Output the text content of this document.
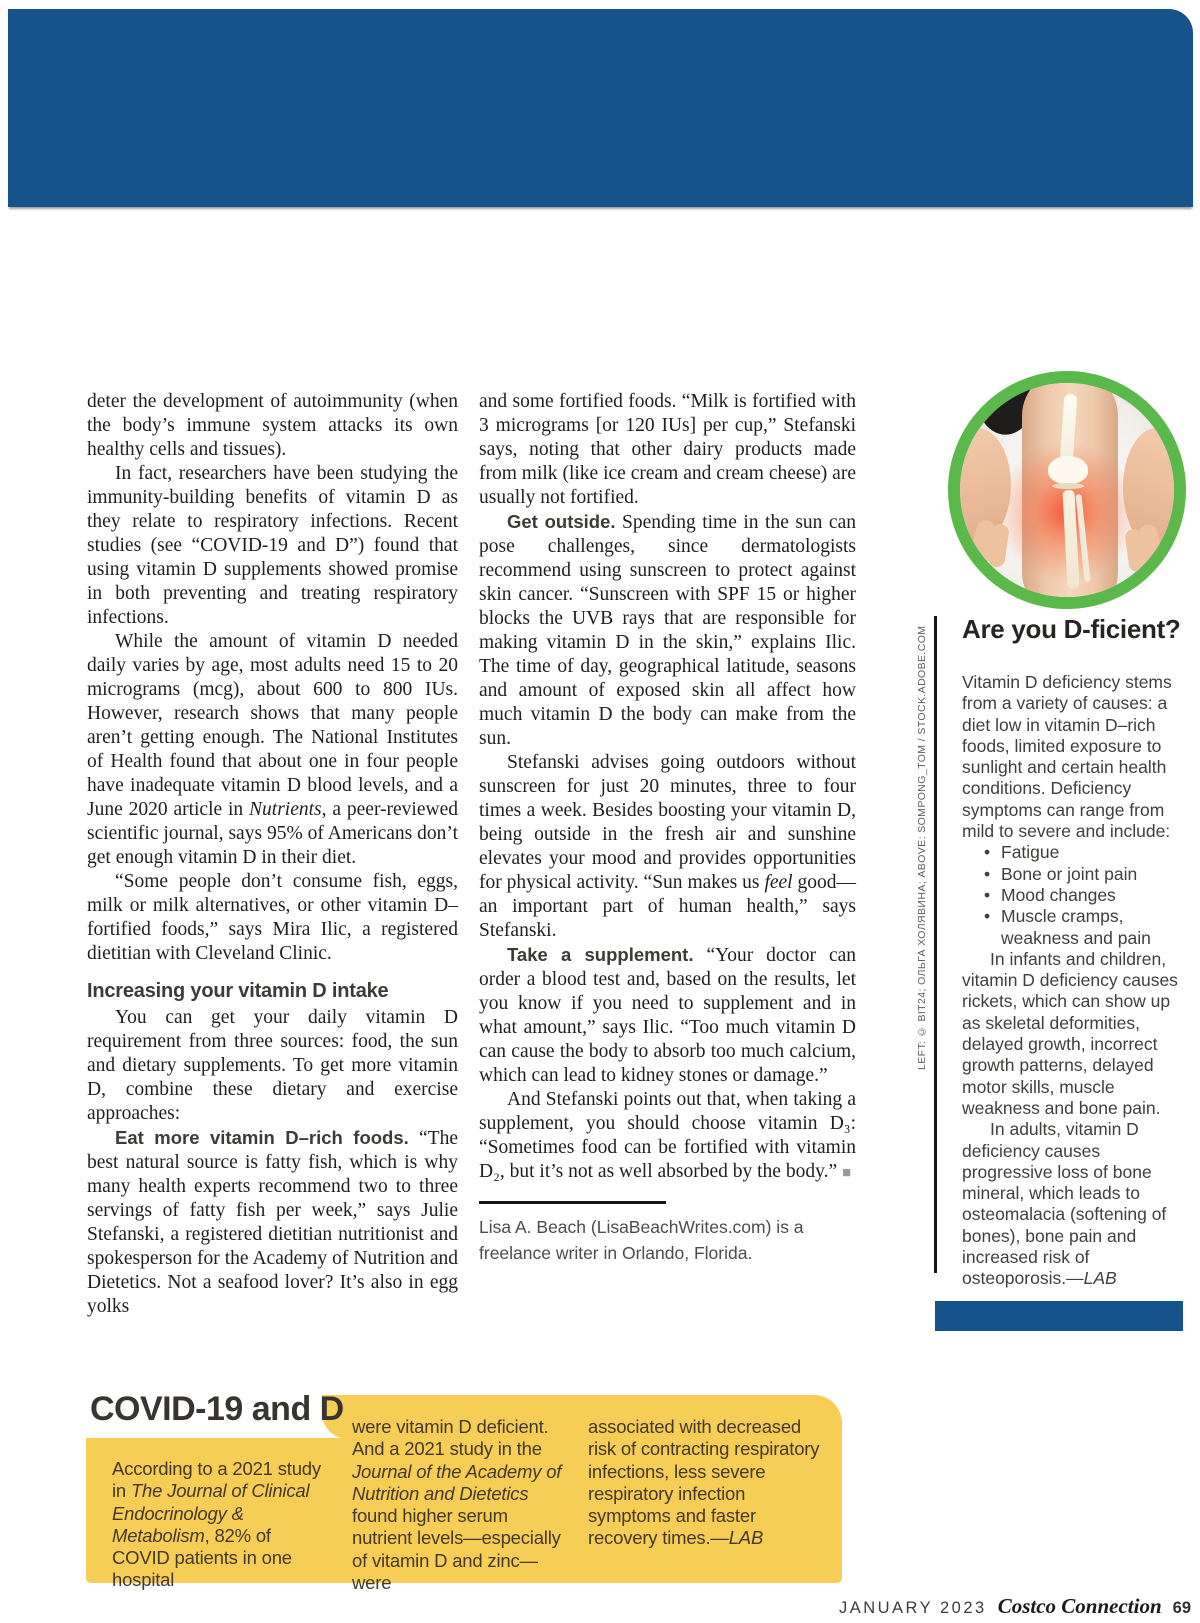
deter the development of autoimmunity (when the body’s immune system attacks its own healthy cells and tissues).

In fact, researchers have been studying the immunity-building benefits of vitamin D as they relate to respiratory infections. Recent studies (see “COVID-19 and D”) found that using vitamin D supplements showed promise in both preventing and treating respiratory infections.

While the amount of vitamin D needed daily varies by age, most adults need 15 to 20 micrograms (mcg), about 600 to 800 IUs. However, research shows that many people aren’t getting enough. The National Institutes of Health found that about one in four people have inadequate vitamin D blood levels, and a June 2020 article in Nutrients, a peer-reviewed scientific journal, says 95% of Americans don’t get enough vitamin D in their diet.

“Some people don’t consume fish, eggs, milk or milk alternatives, or other vitamin D–fortified foods,” says Mira Ilic, a registered dietitian with Cleveland Clinic.

Increasing your vitamin D intake

You can get your daily vitamin D requirement from three sources: food, the sun and dietary supplements. To get more vitamin D, combine these dietary and exercise approaches:

Eat more vitamin D–rich foods. “The best natural source is fatty fish, which is why many health experts recommend two to three servings of fatty fish per week,” says Julie Stefanski, a registered dietitian nutritionist and spokesperson for the Academy of Nutrition and Dietetics. Not a seafood lover? It’s also in egg yolks

and some fortified foods. “Milk is fortified with 3 micrograms [or 120 IUs] per cup,” Stefanski says, noting that other dairy products made from milk (like ice cream and cream cheese) are usually not fortified.

Get outside. Spending time in the sun can pose challenges, since dermatologists recommend using sunscreen to protect against skin cancer. “Sunscreen with SPF 15 or higher blocks the UVB rays that are responsible for making vitamin D in the skin,” explains Ilic. The time of day, geographical latitude, seasons and amount of exposed skin all affect how much vitamin D the body can make from the sun.

Stefanski advises going outdoors without sunscreen for just 20 minutes, three to four times a week. Besides boosting your vitamin D, being outside in the fresh air and sunshine elevates your mood and provides opportunities for physical activity. “Sun makes us feel good—an important part of human health,” says Stefanski.

Take a supplement. “Your doctor can order a blood test and, based on the results, let you know if you need to supplement and in what amount,” says Ilic. “Too much vitamin D can cause the body to absorb too much calcium, which can lead to kidney stones or damage.”

And Stefanski points out that, when taking a supplement, you should choose vitamin D₃: “Sometimes food can be fortified with vitamin D₂, but it’s not as well absorbed by the body.” ■

Lisa A. Beach (LisaBeachWrites.com) is a freelance writer in Orlando, Florida.

LEFT: © BIT24; ОЛЬГА ХОЛЯВИНА; ABOVE: SOMPONG_TOM / STOCK.ADOBE.COM Are you D-ficient?

Vitamin D deficiency stems from a variety of causes: a diet low in vitamin D–rich foods, limited exposure to sunlight and certain health conditions. Deficiency symptoms can range from mild to severe and include:

• Fatigue
• Bone or joint pain
• Mood changes
• Muscle cramps, weakness and pain

In infants and children, vitamin D deficiency causes rickets, which can show up as skeletal deformities, delayed growth, incorrect growth patterns, delayed motor skills, muscle weakness and bone pain.

In adults, vitamin D deficiency causes progressive loss of bone mineral, which leads to osteomalacia (softening of bones), bone pain and increased risk of osteoporosis.—LAB

COVID-19 and D
According to a 2021 study in The Journal of Clinical Endocrinology & Metabolism, 82% of COVID patients in one hospital
were vitamin D deficient. And a 2021 study in the Journal of the Academy of Nutrition and Dietetics found higher serum nutrient levels—especially of vitamin D and zinc—were
associated with decreased risk of contracting respiratory infections, less severe respiratory infection symptoms and faster recovery times.—LAB
JANUARY 2023 Costco Connection 69
